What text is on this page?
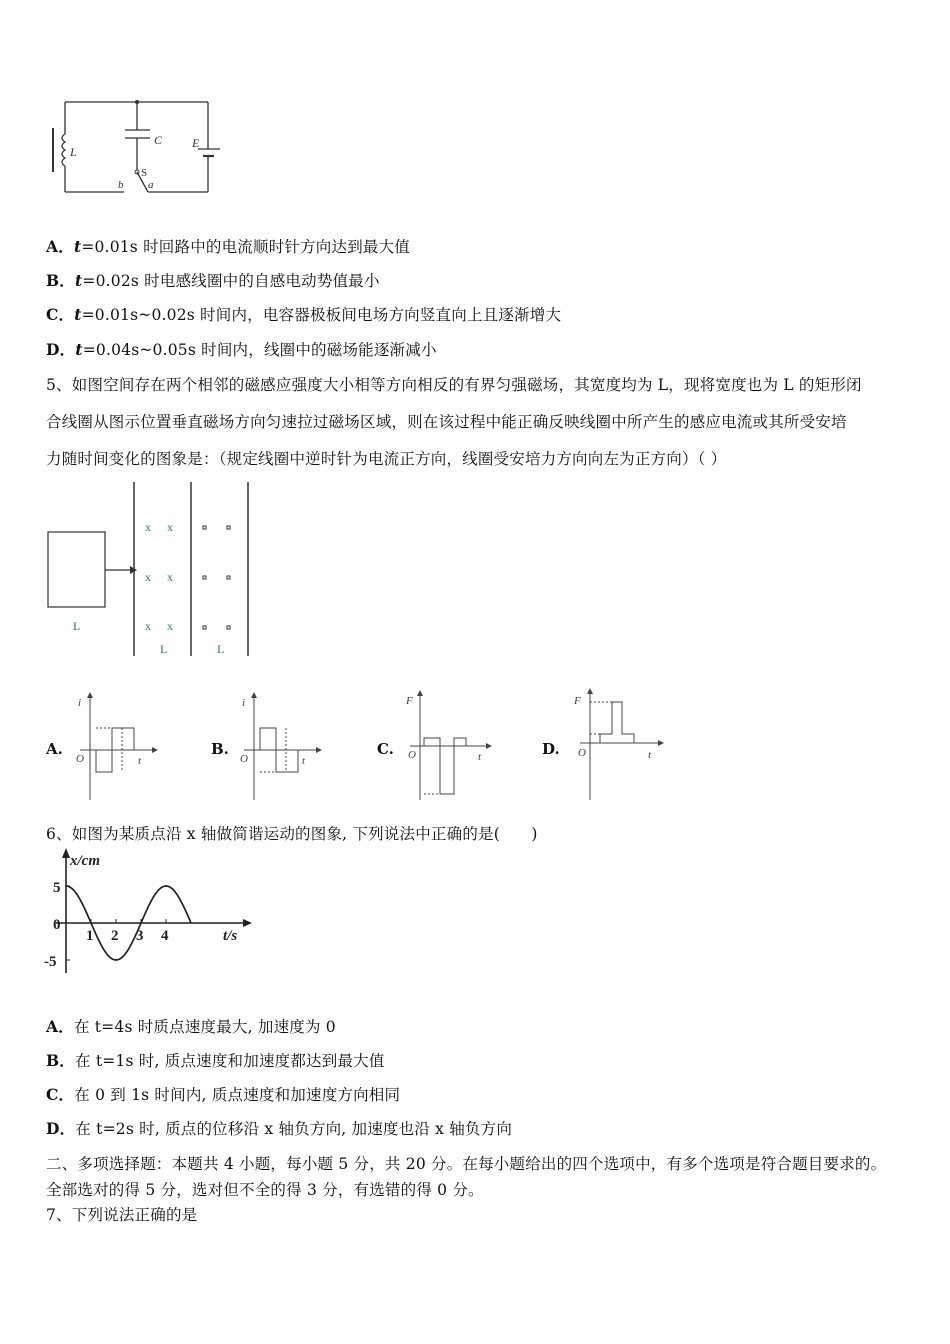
L
C E
S
a
b
A．t=0.01s 时回路中的电流顺时针方向达到最大值
B．t=0.02s 时电感线圈中的自感电动势值最小
C．t=0.01s~0.02s 时间内，电容器极板间电场方向竖直向上且逐渐增大
D．t=0.04s~0.05s 时间内，线圈中的磁场能逐渐减小
5、如图空间存在两个相邻的磁感应强度大小相等方向相反的有界匀强磁场，其宽度均为 L，现将宽度也为 L 的矩形闭
合线圈从图示位置垂直磁场方向匀速拉过磁场区域，则在该过程中能正确反映线圈中所产生的感应电流或其所受安培
力随时间变化的图象是：（规定线圈中逆时针为电流正方向，线圈受安培力方向向左为正方向）（ ）
x x
x x
x x
L
L	L
A.
i
O	t
B.
i
O	t
C.
F
O	t	D.
F
O	t
6、如图为某质点沿 x 轴做简谐运动的图象, 下列说法中正确的是(　　)
x/cm
t/s
1 2 3 4
5
0
-5
A．在 t=4s 时质点速度最大, 加速度为 0
B．在 t=1s 时, 质点速度和加速度都达到最大值
C．在 0 到 1s 时间内, 质点速度和加速度方向相同
D．在 t=2s 时, 质点的位移沿 x 轴负方向, 加速度也沿 x 轴负方向
二、多项选择题：本题共 4 小题，每小题 5 分，共 20 分。在每小题给出的四个选项中，有多个选项是符合题目要求的。
全部选对的得 5 分，选对但不全的得 3 分，有选错的得 0 分。
7、下列说法正确的是
